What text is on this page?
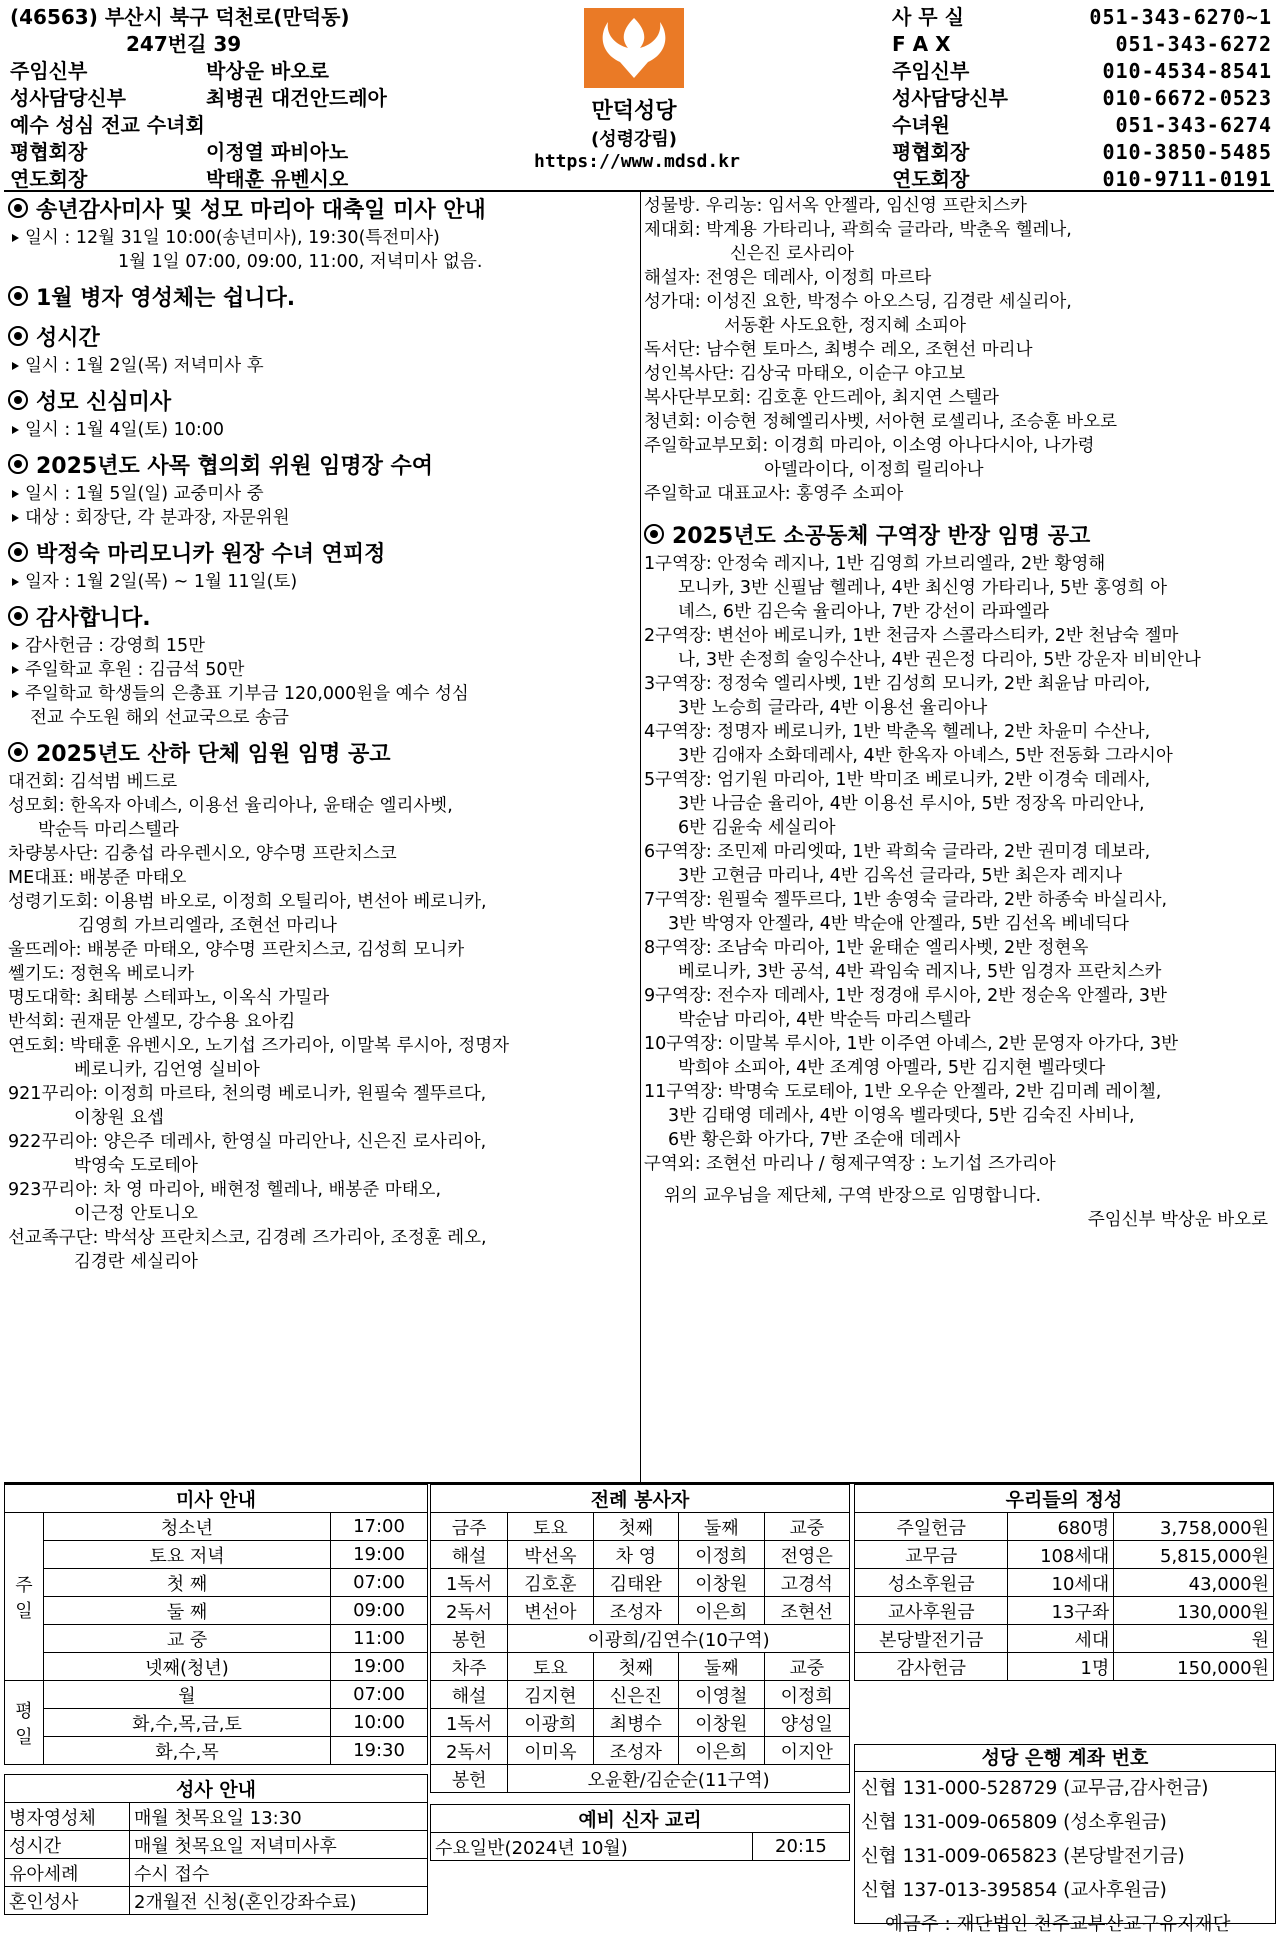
(46563) 부산시 북구 덕천로(만덕동)
247번길 39
주임신부	박상운 바오로
성사담당신부	최병권 대건안드레아
예수 성심 전교 수녀회
평협회장	이정열 파비아노
연도회장	박태훈 유벤시오
만덕성당
(성령강림)
https://www.mdsd.kr
사 무 실	051-343-6270~1
F A X	051-343-6272
주임신부	010-4534-8541
성사담당신부	010-6672-0523
수녀원	051-343-6274
평협회장	010-3850-5485
연도회장	010-9711-0191
송년감사미사 및 성모 마리아 대축일 미사 안내
일시 : 12월 31일 10:00(송년미사), 19:30(특전미사)
1월 1일 07:00, 09:00, 11:00, 저녁미사 없음.
1월 병자 영성체는 쉽니다.
성시간
일시 : 1월 2일(목) 저녁미사 후
성모 신심미사
일시 : 1월 4일(토) 10:00
2025년도 사목 협의회 위원 임명장 수여
일시 : 1월 5일(일) 교중미사 중
대상 : 회장단, 각 분과장, 자문위원
박정숙 마리모니카 원장 수녀 연피정
일자 : 1월 2일(목) ~ 1월 11일(토)
감사합니다.
감사헌금 : 강영희 15만
주일학교 후원 : 김금석 50만
주일학교 학생들의 은총표 기부금 120,000원을 예수 성심
전교 수도원 해외 선교국으로 송금
2025년도 산하 단체 임원 임명 공고
대건회: 김석범 베드로
성모회: 한옥자 아녜스, 이용선 율리아나, 윤태순 엘리사벳,
박순득 마리스텔라
차량봉사단: 김충섭 라우렌시오, 양수명 프란치스코
ME대표: 배봉준 마태오
성령기도회: 이용범 바오로, 이정희 오틸리아, 변선아 베로니카,
김영희 가브리엘라, 조현선 마리나
울뜨레아: 배봉준 마태오, 양수명 프란치스코, 김성희 모니카
쎌기도: 정현옥 베로니카
명도대학: 최태봉 스테파노, 이옥식 가밀라
반석회: 권재문 안셀모, 강수용 요아킴
연도회: 박태훈 유벤시오, 노기섭 즈가리아, 이말복 루시아, 정명자
베로니카, 김언영 실비아
921꾸리아: 이정희 마르타, 천의령 베로니카, 원필숙 젤뚜르다,
이창원 요셉
922꾸리아: 양은주 데레사, 한영실 마리안나, 신은진 로사리아,
박영숙 도로테아
923꾸리아: 차 영 마리아, 배현정 헬레나, 배봉준 마태오,
이근정 안토니오
선교족구단: 박석상 프란치스코, 김경례 즈가리아, 조정훈 레오,
김경란 세실리아
성물방. 우리농: 임서옥 안젤라, 임신영 프란치스카
제대회: 박계용 가타리나, 곽희숙 글라라, 박춘옥 헬레나,
신은진 로사리아
해설자: 전영은 데레사, 이정희 마르타
성가대: 이성진 요한, 박정수 아오스딩, 김경란 세실리아,
서동환 사도요한, 정지혜 소피아
독서단: 남수현 토마스, 최병수 레오, 조현선 마리나
성인복사단: 김상국 마태오, 이순구 야고보
복사단부모회: 김호훈 안드레아, 최지연 스텔라
청년회: 이승현 정혜엘리사벳, 서아현 로셀리나, 조승훈 바오로
주일학교부모회: 이경희 마리아, 이소영 아나다시아, 나가령
아델라이다, 이정희 릴리아나
주일학교 대표교사: 홍영주 소피아
2025년도 소공동체 구역장 반장 임명 공고
1구역장: 안정숙 레지나, 1반 김영희 가브리엘라, 2반 황영해
모니카, 3반 신필남 헬레나, 4반 최신영 가타리나, 5반 홍영희 아
녜스, 6반 김은숙 율리아나, 7반 강선이 라파엘라
2구역장: 변선아 베로니카, 1반 천금자 스콜라스티카, 2반 천남숙 젤마
나, 3반 손정희 술잉수산나, 4반 권은정 다리아, 5반 강운자 비비안나
3구역장: 정정숙 엘리사벳, 1반 김성희 모니카, 2반 최윤남 마리아,
3반 노승희 글라라, 4반 이용선 율리아나
4구역장: 정명자 베로니카, 1반 박춘옥 헬레나, 2반 차윤미 수산나,
3반 김애자 소화데레사, 4반 한옥자 아녜스, 5반 전동화 그라시아
5구역장: 엄기원 마리아, 1반 박미조 베로니카, 2반 이경숙 데레사,
3반 나금순 율리아, 4반 이용선 루시아, 5반 정장옥 마리안나,
6반 김윤숙 세실리아
6구역장: 조민제 마리엣따, 1반 곽희숙 글라라, 2반 권미경 데보라,
3반 고현금 마리나, 4반 김옥선 글라라, 5반 최은자 레지나
7구역장: 원필숙 젤뚜르다, 1반 송영숙 글라라, 2반 하종숙 바실리사,
3반 박영자 안젤라, 4반 박순애 안젤라, 5반 김선옥 베네딕다
8구역장: 조남숙 마리아, 1반 윤태순 엘리사벳, 2반 정현옥
베로니카, 3반 공석, 4반 곽임숙 레지나, 5반 임경자 프란치스카
9구역장: 전수자 데레사, 1반 정경애 루시아, 2반 정순옥 안젤라, 3반
박순남 마리아, 4반 박순득 마리스텔라
10구역장: 이말복 루시아, 1반 이주연 아녜스, 2반 문영자 아가다, 3반
박희야 소피아, 4반 조계영 아멜라, 5반 김지현 벨라뎃다
11구역장: 박명숙 도로테아, 1반 오우순 안젤라, 2반 김미례 레이첼,
3반 김태영 데레사, 4반 이영옥 벨라뎃다, 5반 김숙진 사비나,
6반 황은화 아가다, 7반 조순애 데레사
구역외: 조현선 마리나 / 형제구역장 : 노기섭 즈가리아
위의 교우님을 제단체, 구역 반장으로 임명합니다.
주임신부 박상운 바오로
미사 안내		
주일	청소년	17:00
	토요 저녁	19:00
	첫 째	07:00
	둘 째	09:00
	교 중	11:00
	넷째(청년)	19:00
평일	월	07:00
	화,수,목,금,토	10:00
	화,수,목	19:30
성사 안내	
병자영성체	매월 첫목요일 13:30
성시간	매월 첫목요일 저녁미사후
유아세례	수시 접수
혼인성사	2개월전 신청(혼인강좌수료)
전례 봉사자				
금주	토요	첫째	둘째	교중
해설	박선옥	차 영	이정희	전영은
1독서	김호훈	김태완	이창원	고경석
2독서	변선아	조성자	이은희	조현선
봉헌	이광희/김연수(10구역)			
차주	토요	첫째	둘째	교중
해설	김지현	신은진	이영철	이정희
1독서	이광희	최병수	이창원	양성일
2독서	이미옥	조성자	이은희	이지안
봉헌	오윤환/김순순(11구역)			
예비 신자 교리
수요일반(2024년 10월)	20:15
우리들의 정성		
주일헌금	680명	3,758,000원
교무금	108세대	5,815,000원
성소후원금	10세대	43,000원
교사후원금	13구좌	130,000원
본당발전기금	세대	원
감사헌금	1명	150,000원
성당 은행 계좌 번호
신협 131-000-528729 (교무금,감사헌금)
신협 131-009-065809 (성소후원금)
신협 131-009-065823 (본당발전기금)
신협 137-013-395854 (교사후원금)
예금주 : 재단법인 천주교부산교구유지재단
